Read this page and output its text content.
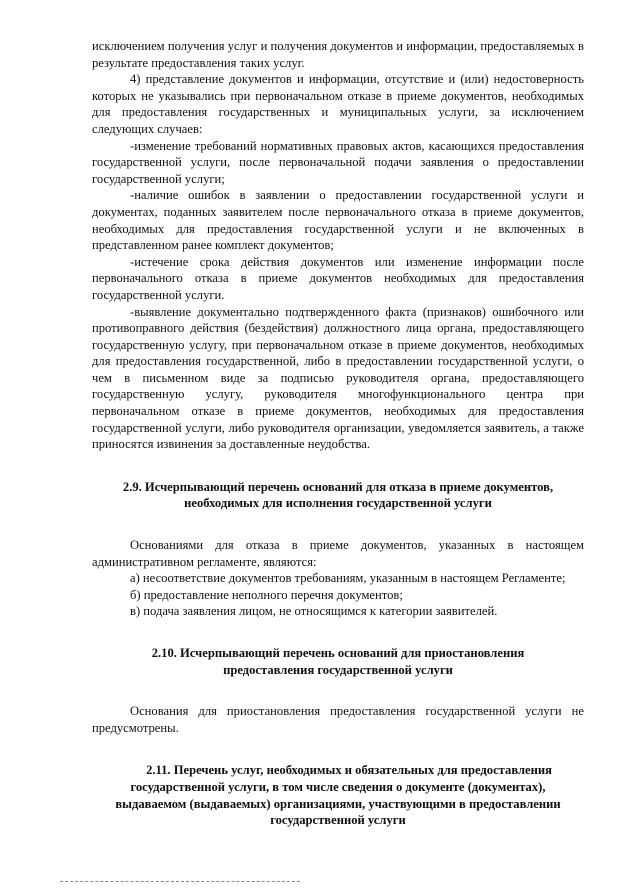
исключением получения услуг и получения документов и информации, предоставляемых в результате предоставления таких услуг.

4) представление документов и информации, отсутствие и (или) недостоверность которых не указывались при первоначальном отказе в приеме документов, необходимых для предоставления государственных и муниципальных услуги, за исключением следующих случаев:

-изменение требований нормативных правовых актов, касающихся предоставления государственной услуги, после первоначальной подачи заявления о предоставлении государственной услуги;

-наличие ошибок в заявлении о предоставлении государственной услуги и документах, поданных заявителем после первоначального отказа в приеме документов, необходимых для предоставления государственной услуги и не включенных в представленном ранее комплект документов;

-истечение срока действия документов или изменение информации после первоначального отказа в приеме документов необходимых для предоставления государственной услуги.

-выявление документально подтвержденного факта (признаков) ошибочного или противоправного действия (бездействия) должностного лица органа, предоставляющего государственную услугу, при первоначальном отказе в приеме документов, необходимых для предоставления государственной, либо в предоставлении государственной услуги, о чем в письменном виде за подписью руководителя органа, предоставляющего государственную услугу, руководителя многофункционального центра при первоначальном отказе в приеме документов, необходимых для предоставления государственной услуги, либо руководителя организации, уведомляется заявитель, а также приносятся извинения за доставленные неудобства.

2.9. Исчерпывающий перечень оснований для отказа в приеме документов,
необходимых для исполнения государственной услуги

Основаниями для отказа в приеме документов, указанных в настоящем административном регламенте, являются:

а) несоответствие документов требованиям, указанным в настоящем Регламенте;

б) предоставление неполного перечня документов;

в) подача заявления лицом, не относящимся к категории заявителей.

2.10. Исчерпывающий перечень оснований для приостановления
предоставления государственной услуги

Основания для приостановления предоставления государственной услуги не предусмотрены.

2.11. Перечень услуг, необходимых и обязательных для предоставления
государственной услуги, в том числе сведения о документе (документах),
выдаваемом (выдаваемых) организациями, участвующими в предоставлении
государственной услуги
